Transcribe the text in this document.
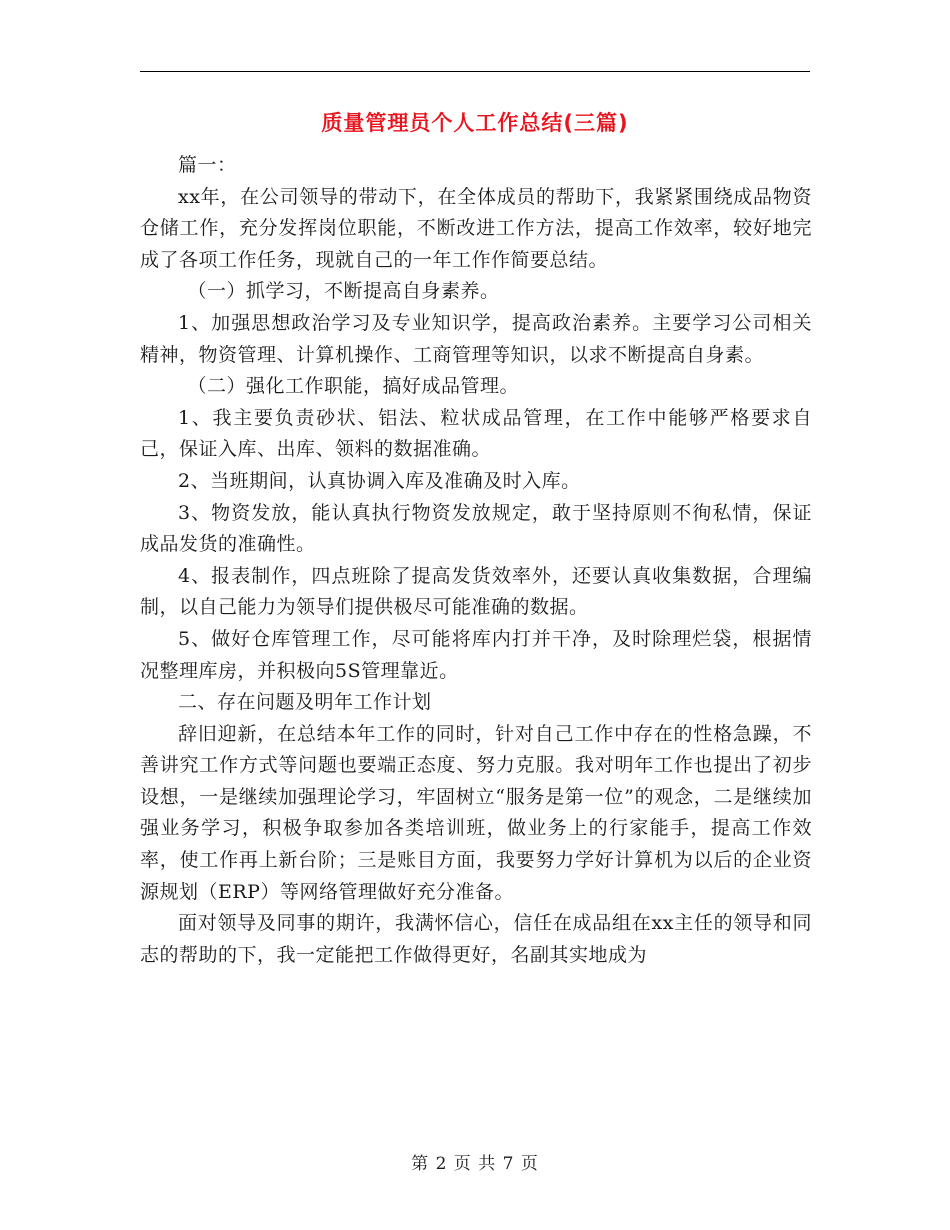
质量管理员个人工作总结(三篇)

篇一：

xx年，在公司领导的带动下，在全体成员的帮助下，我紧紧围绕成品物资仓储工作，充分发挥岗位职能，不断改进工作方法，提高工作效率，较好地完成了各项工作任务，现就自己的一年工作作简要总结。

（一）抓学习，不断提高自身素养。

1、加强思想政治学习及专业知识学，提高政治素养。主要学习公司相关精神，物资管理、计算机操作、工商管理等知识，以求不断提高自身素。

（二）强化工作职能，搞好成品管理。

1、我主要负责砂状、铝法、粒状成品管理，在工作中能够严格要求自己，保证入库、出库、领料的数据准确。

2、当班期间，认真协调入库及准确及时入库。

3、物资发放，能认真执行物资发放规定，敢于坚持原则不徇私情，保证成品发货的准确性。

4、报表制作，四点班除了提高发货效率外，还要认真收集数据，合理编制，以自己能力为领导们提供极尽可能准确的数据。

5、做好仓库管理工作，尽可能将库内打并干净，及时除理烂袋，根据情况整理库房，并积极向5S管理靠近。

二、存在问题及明年工作计划

辞旧迎新，在总结本年工作的同时，针对自己工作中存在的性格急躁，不善讲究工作方式等问题也要端正态度、努力克服。我对明年工作也提出了初步设想，一是继续加强理论学习，牢固树立“服务是第一位”的观念，二是继续加强业务学习，积极争取参加各类培训班，做业务上的行家能手，提高工作效率，使工作再上新台阶；三是账目方面，我要努力学好计算机为以后的企业资源规划（ERP）等网络管理做好充分准备。

面对领导及同事的期许，我满怀信心，信任在成品组在xx主任的领导和同志的帮助的下，我一定能把工作做得更好，名副其实地成为

第 2 页 共 7 页
